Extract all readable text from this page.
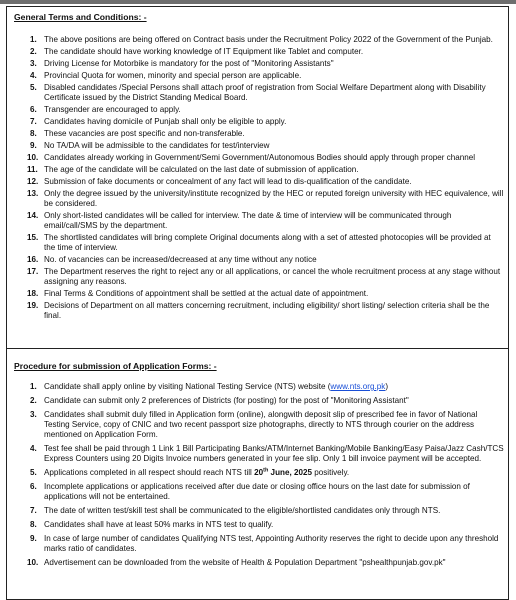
General Terms and Conditions: -
1. The above positions are being offered on Contract basis under the Recruitment Policy 2022 of the Government of the Punjab.
2. The candidate should have working knowledge of IT Equipment like Tablet and computer.
3. Driving License for Motorbike is mandatory for the post of "Monitoring Assistants"
4. Provincial Quota for women, minority and special person are applicable.
5. Disabled candidates /Special Persons shall attach proof of registration from Social Welfare Department along with Disability Certificate issued by the District Standing Medical Board.
6. Transgender are encouraged to apply.
7. Candidates having domicile of Punjab shall only be eligible to apply.
8. These vacancies are post specific and non-transferable.
9. No TA/DA will be admissible to the candidates for test/interview
10. Candidates already working in Government/Semi Government/Autonomous Bodies should apply through proper channel
11. The age of the candidate will be calculated on the last date of submission of application.
12. Submission of fake documents or concealment of any fact will lead to dis-qualification of the candidate.
13. Only the degree issued by the university/institute recognized by the HEC or reputed foreign university with HEC equivalence, will be considered.
14. Only short-listed candidates will be called for interview. The date & time of interview will be communicated through email/call/SMS by the department.
15. The shortlisted candidates will bring complete Original documents along with a set of attested photocopies will be provided at the time of interview.
16. No. of vacancies can be increased/decreased at any time without any notice
17. The Department reserves the right to reject any or all applications, or cancel the whole recruitment process at any stage without assigning any reasons.
18. Final Terms & Conditions of appointment shall be settled at the actual date of appointment.
19. Decisions of Department on all matters concerning recruitment, including eligibility/ short listing/ selection criteria shall be the final.
Procedure for submission of Application Forms: -
1. Candidate shall apply online by visiting National Testing Service (NTS) website (www.nts.org.pk)
2. Candidate can submit only 2 preferences of Districts (for posting) for the post of "Monitoring Assistant"
3. Candidates shall submit duly filled in Application form (online), alongwith deposit slip of prescribed fee in favor of National Testing Service, copy of CNIC and two recent passport size photographs, directly to NTS through courier on the address mentioned on Application Form.
4. Test fee shall be paid through 1 Link 1 Bill Participating Banks/ATM/Internet Banking/Mobile Banking/Easy Paisa/Jazz Cash/TCS Express Counters using 20 Digits Invoice numbers generated in your fee slip. Only 1 bill invoice payment will be accepted.
5. Applications completed in all respect should reach NTS till 20th June, 2025 positively.
6. Incomplete applications or applications received after due date or closing office hours on the last date for submission of applications will not be entertained.
7. The date of written test/skill test shall be communicated to the eligible/shortlisted candidates only through NTS.
8. Candidates shall have at least 50% marks in NTS test to qualify.
9. In case of large number of candidates Qualifying NTS test, Appointing Authority reserves the right to decide upon any threshold marks ratio of candidates.
10. Advertisement can be downloaded from the website of Health & Population Department "pshealthpunjab.gov.pk"
